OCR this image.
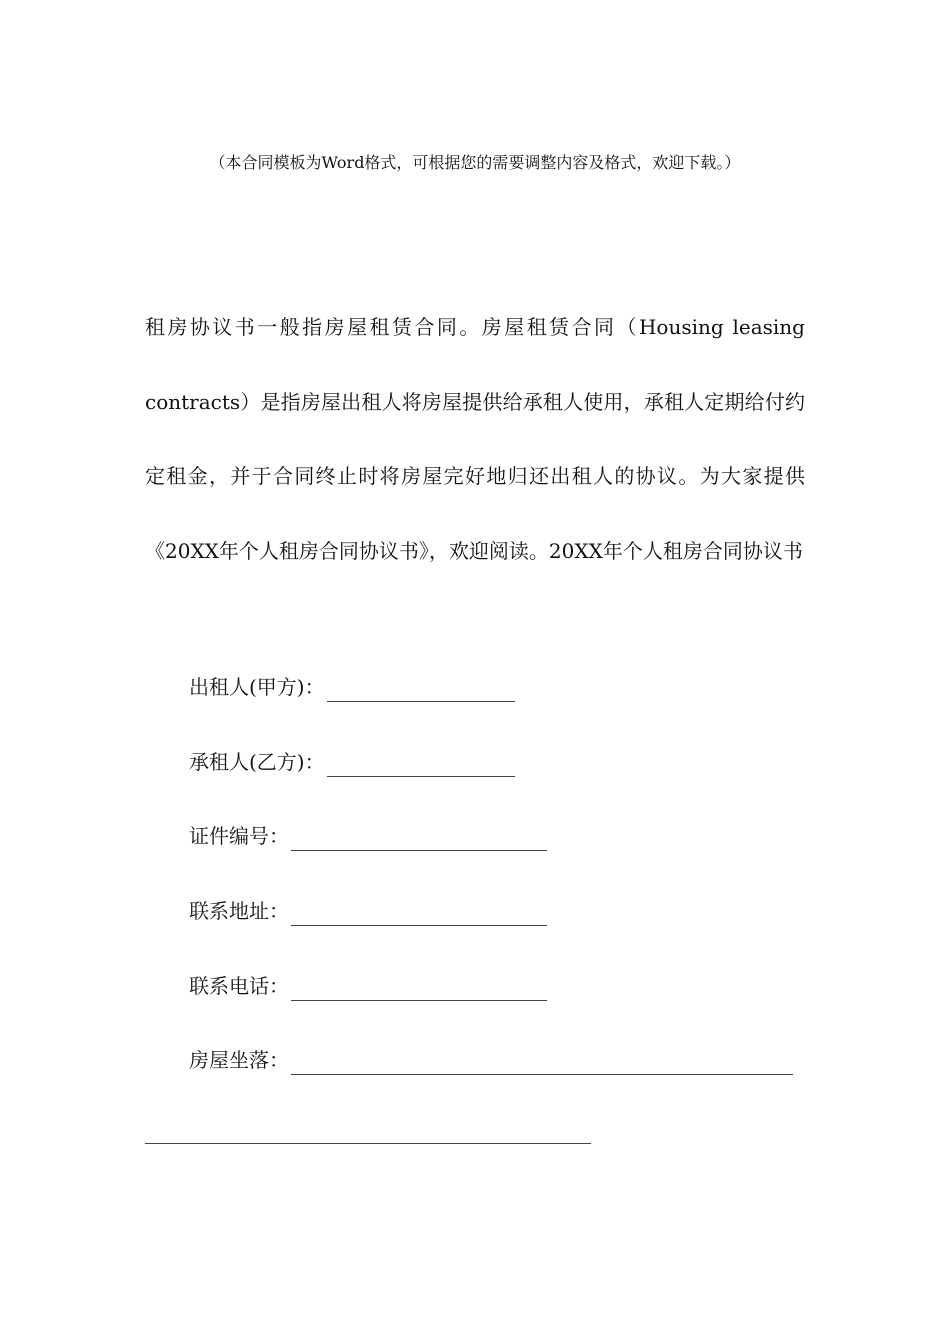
（本合同模板为Word格式，可根据您的需要调整内容及格式，欢迎下载。）

租房协议书一般指房屋租赁合同。房屋租赁合同（Housing leasing contracts）是指房屋出租人将房屋提供给承租人使用，承租人定期给付约定租金，并于合同终止时将房屋完好地归还出租人的协议。为大家提供《20XX年个人租房合同协议书》，欢迎阅读。20XX年个人租房合同协议书

出租人(甲方)：
承租人(乙方)：
证件编号：
联系地址：
联系电话：
房屋坐落：
